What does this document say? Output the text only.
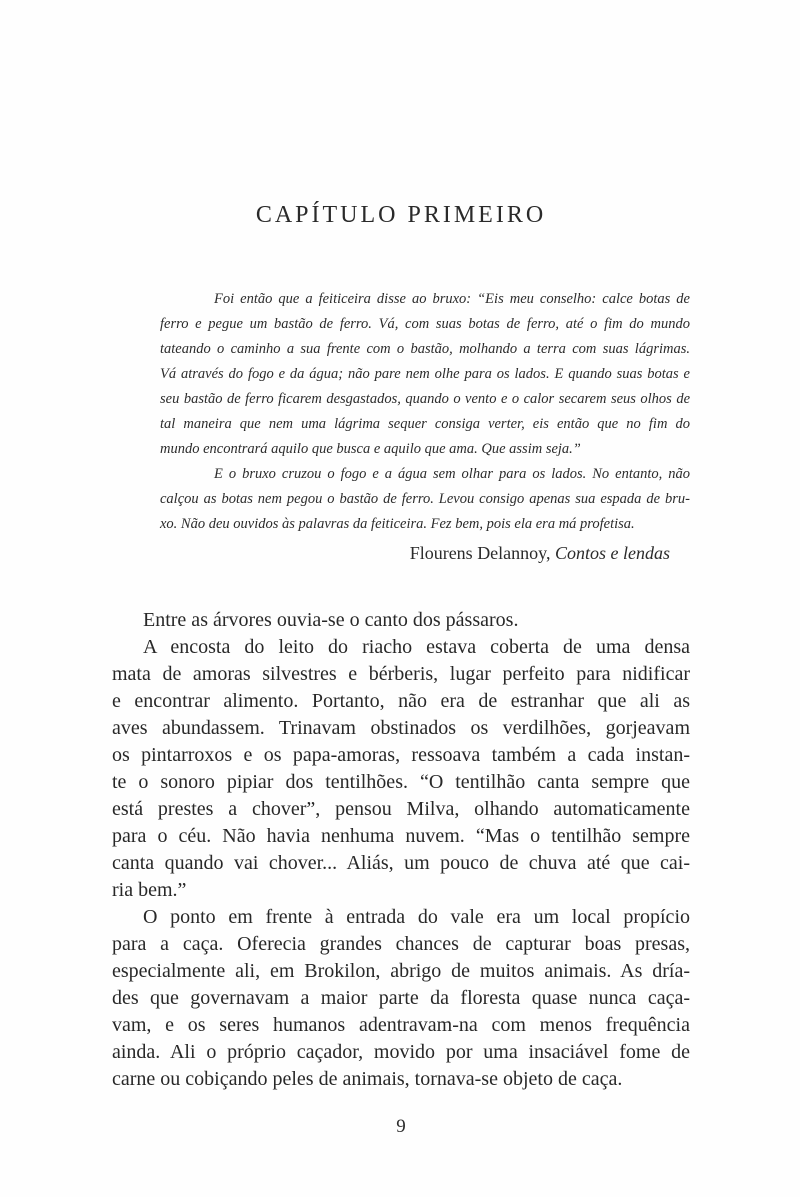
CAPÍTULO PRIMEIRO
Foi então que a feiticeira disse ao bruxo: “Eis meu conselho: calce botas de
ferro e pegue um bastão de ferro. Vá, com suas botas de ferro, até o fim do mundo
tateando o caminho a sua frente com o bastão, molhando a terra com suas lágrimas.
Vá através do fogo e da água; não pare nem olhe para os lados. E quando suas botas e
seu bastão de ferro ficarem desgastados, quando o vento e o calor secarem seus olhos de
tal maneira que nem uma lágrima sequer consiga verter, eis então que no fim do
mundo encontrará aquilo que busca e aquilo que ama. Que assim seja.”
E o bruxo cruzou o fogo e a água sem olhar para os lados. No entanto, não
calçou as botas nem pegou o bastão de ferro. Levou consigo apenas sua espada de bru-
xo. Não deu ouvidos às palavras da feiticeira. Fez bem, pois ela era má profetisa.
Flourens Delannoy, Contos e lendas
Entre as árvores ouvia-se o canto dos pássaros.
A encosta do leito do riacho estava coberta de uma densa
mata de amoras silvestres e bérberis, lugar perfeito para nidificar
e encontrar alimento. Portanto, não era de estranhar que ali as
aves abundassem. Trinavam obstinados os verdilhões, gorjeavam
os pintarroxos e os papa-amoras, ressoava também a cada instan-
te o sonoro pipiar dos tentilhões. “O tentilhão canta sempre que
está prestes a chover”, pensou Milva, olhando automaticamente
para o céu. Não havia nenhuma nuvem. “Mas o tentilhão sempre
canta quando vai chover... Aliás, um pouco de chuva até que cai-
ria bem.”
O ponto em frente à entrada do vale era um local propício
para a caça. Oferecia grandes chances de capturar boas presas,
especialmente ali, em Brokilon, abrigo de muitos animais. As dría-
des que governavam a maior parte da floresta quase nunca caça-
vam, e os seres humanos adentravam-na com menos frequência
ainda. Ali o próprio caçador, movido por uma insaciável fome de
carne ou cobiçando peles de animais, tornava-se objeto de caça.
9
